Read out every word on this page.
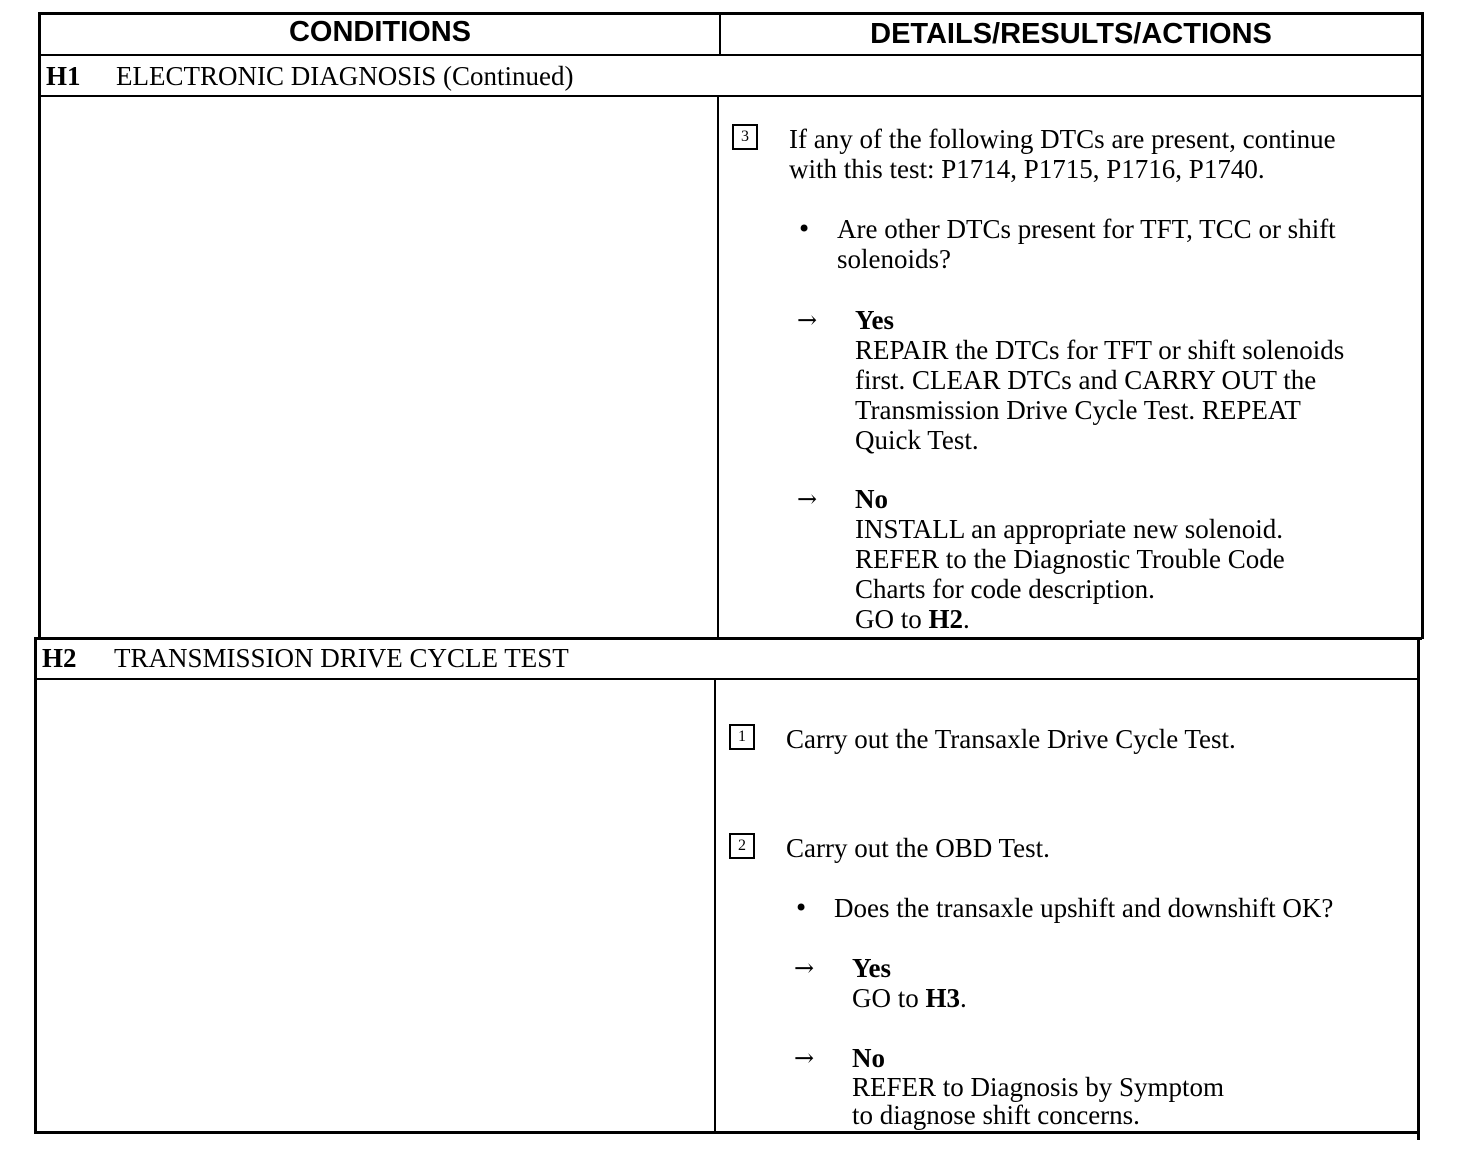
CONDITIONS	DETAILS/RESULTS/ACTIONS
H1 ELECTRONIC DIAGNOSIS (Continued)
3	If any of the following DTCs are present, continue
with this test: P1714, P1715, P1716, P1740.
• Are other DTCs present for TFT, TCC or shift
solenoids?
→ Yes
REPAIR the DTCs for TFT or shift solenoids
first. CLEAR DTCs and CARRY OUT the
Transmission Drive Cycle Test. REPEAT
Quick Test.
→ No
INSTALL an appropriate new solenoid.
REFER to the Diagnostic Trouble Code
Charts for code description.
GO to H2.
H2 TRANSMISSION DRIVE CYCLE TEST
1	Carry out the Transaxle Drive Cycle Test.
2	Carry out the OBD Test.
• Does the transaxle upshift and downshift OK?
→ Yes
GO to H3.
→ No
REFER to Diagnosis by Symptom
to diagnose shift concerns.
